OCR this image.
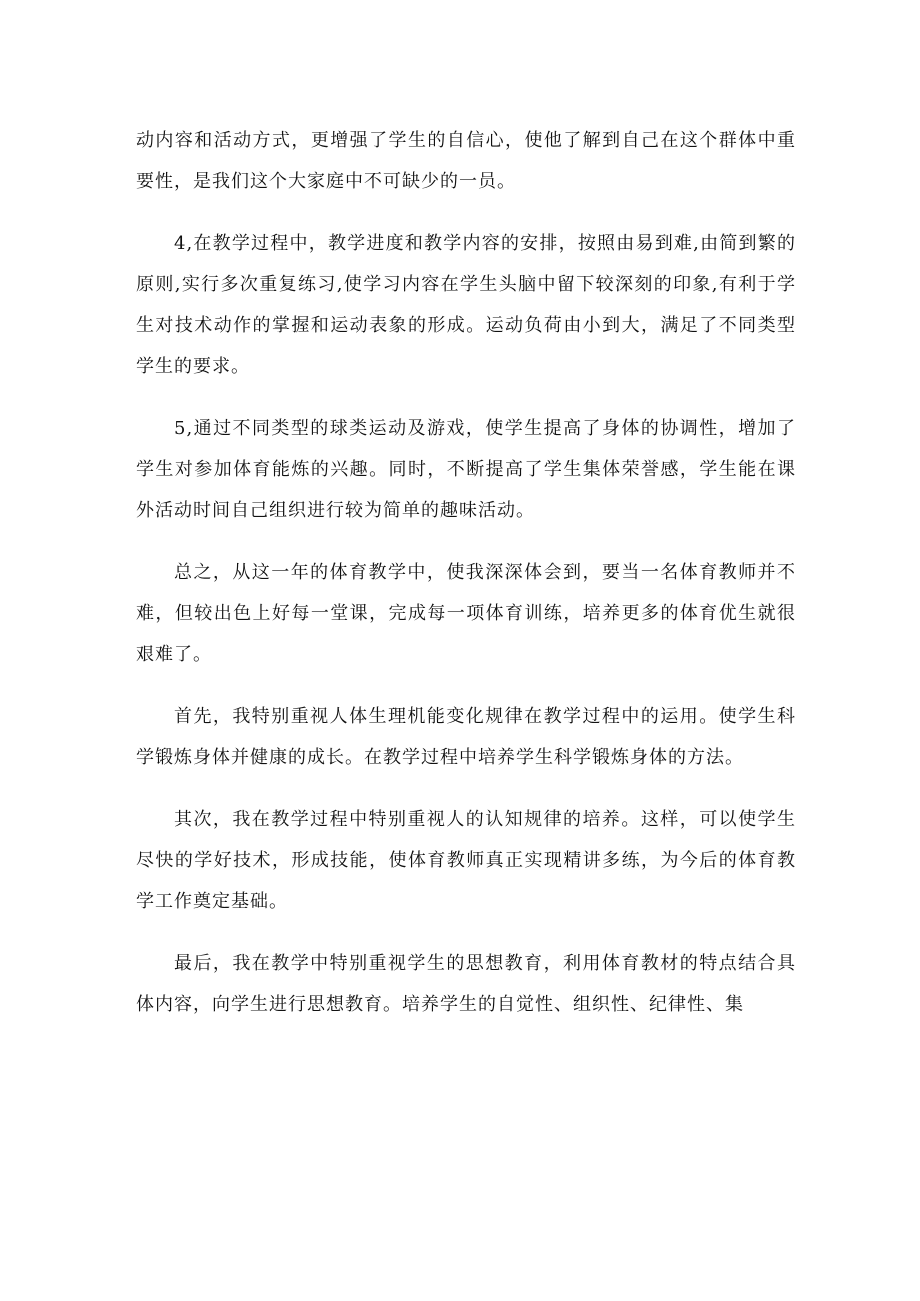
动内容和活动方式，更增强了学生的自信心，使他了解到自己在这个群体中重要性，是我们这个大家庭中不可缺少的一员。

4,在教学过程中，教学进度和教学内容的安排，按照由易到难,由简到繁的原则,实行多次重复练习,使学习内容在学生头脑中留下较深刻的印象,有利于学生对技术动作的掌握和运动表象的形成。运动负荷由小到大，满足了不同类型学生的要求。

5,通过不同类型的球类运动及游戏，使学生提高了身体的协调性，增加了学生对参加体育能炼的兴趣。同时，不断提高了学生集体荣誉感，学生能在课外活动时间自己组织进行较为简单的趣味活动。

总之，从这一年的体育教学中，使我深深体会到，要当一名体育教师并不难，但较出色上好每一堂课，完成每一项体育训练，培养更多的体育优生就很艰难了。

首先，我特别重视人体生理机能变化规律在教学过程中的运用。使学生科学锻炼身体并健康的成长。在教学过程中培养学生科学锻炼身体的方法。

其次，我在教学过程中特别重视人的认知规律的培养。这样，可以使学生尽快的学好技术，形成技能，使体育教师真正实现精讲多练，为今后的体育教学工作奠定基础。

最后，我在教学中特别重视学生的思想教育，利用体育教材的特点结合具体内容，向学生进行思想教育。培养学生的自觉性、组织性、纪律性、集
